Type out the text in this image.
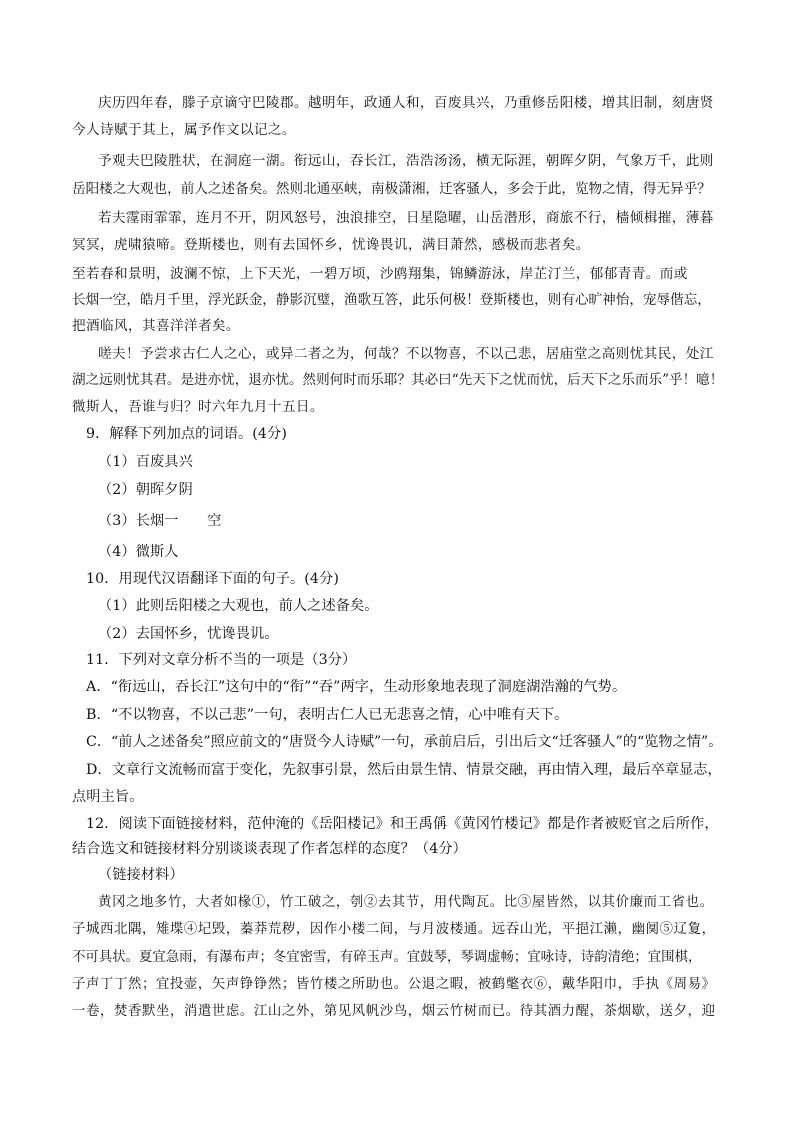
庆历四年春，滕子京谪守巴陵郡。越明年，政通人和，百废具兴，乃重修岳阳楼，增其旧制，刻唐贤
今人诗赋于其上，属予作文以记之。
予观夫巴陵胜状，在洞庭一湖。衔远山，吞长江，浩浩汤汤，横无际涯，朝晖夕阴，气象万千，此则
岳阳楼之大观也，前人之述备矣。然则北通巫峡，南极潇湘，迁客骚人，多会于此，览物之情，得无异乎？
若夫霪雨霏霏，连月不开，阴风怒号，浊浪排空，日星隐曜，山岳潜形，商旅不行，樯倾楫摧，薄暮
冥冥，虎啸猿啼。登斯楼也，则有去国怀乡，忧谗畏讥，满目萧然，感极而悲者矣。
至若春和景明，波澜不惊，上下天光，一碧万顷，沙鸥翔集，锦鳞游泳，岸芷汀兰，郁郁青青。而或
长烟一空，皓月千里，浮光跃金，静影沉璧，渔歌互答，此乐何极！登斯楼也，则有心旷神怡，宠辱偕忘，
把酒临风，其喜洋洋者矣。
嗟夫！予尝求古仁人之心，或异二者之为，何哉？不以物喜，不以己悲，居庙堂之高则忧其民，处江
湖之远则忧其君。是进亦忧，退亦忧。然则何时而乐耶？其必曰“先天下之忧而忧，后天下之乐而乐”乎！噫！
微斯人，吾谁与归？时六年九月十五日。
9．解释下列加点的词语。(4分)
（1）百废具兴
（2）朝晖夕阴
（3）长烟一　　空
（4）微斯人
10．用现代汉语翻译下面的句子。(4分)
（1）此则岳阳楼之大观也，前人之述备矣。
（2）去国怀乡，忧谗畏讥。
11．下列对文章分析不当的一项是（3分）
A．“衔远山，吞长江”这句中的“衔”“吞”两字，生动形象地表现了洞庭湖浩瀚的气势。
B．“不以物喜，不以己悲”一句，表明古仁人已无悲喜之情，心中唯有天下。
C．“前人之述备矣”照应前文的“唐贤今人诗赋”一句，承前启后，引出后文“迁客骚人”的“览物之情”。
D．文章行文流畅而富于变化，先叙事引景，然后由景生情、情景交融，再由情入理，最后卒章显志，
点明主旨。
12．阅读下面链接材料，范仲淹的《岳阳楼记》和王禹偁《黄冈竹楼记》都是作者被贬官之后所作，
结合选文和链接材料分别谈谈表现了作者怎样的态度？（4分）
（链接材料）
黄冈之地多竹，大者如椽①，竹工破之，刳②去其节，用代陶瓦。比③屋皆然，以其价廉而工省也。
子城西北隅，雉堞④圮毁，蓁莽荒秽，因作小楼二间，与月波楼通。远吞山光，平挹江濑，幽阒⑤辽夐，
不可具状。夏宜急雨，有瀑布声；冬宜密雪，有碎玉声。宜鼓琴，琴调虚畅；宜咏诗，诗韵清绝；宜围棋，
子声丁丁然；宜投壶，矢声铮铮然；皆竹楼之所助也。公退之暇，被鹤氅衣⑥，戴华阳巾，手执《周易》
一卷，焚香默坐，消遣世虑。江山之外，第见风帆沙鸟，烟云竹树而已。待其酒力醒，茶烟歇，送夕，迎
